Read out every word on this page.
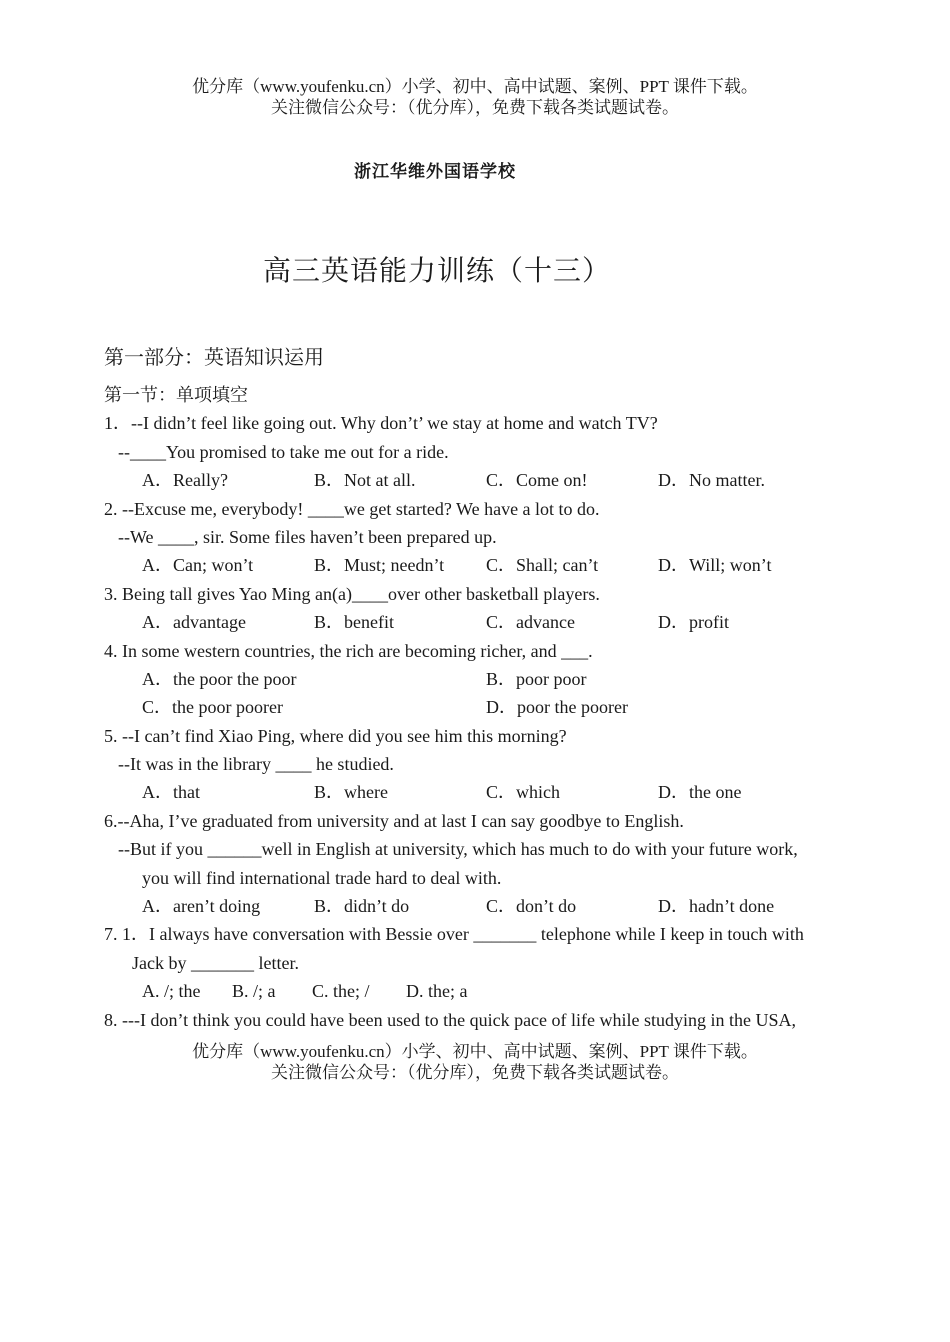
优分库（www.youfenku.cn）小学、初中、高中试题、案例、PPT 课件下载。
关注微信公众号：（优分库），免费下载各类试题试卷。
浙江华维外国语学校
高三英语能力训练（十三）
第一部分：英语知识运用
第一节：单项填空
1．--I didn’t feel like going out. Why don’t’ we stay at home and watch TV?
--____You promised to take me out for a ride.
A．Really?	B．Not at all.	C．Come on!	D．No matter.
2. --Excuse me, everybody! ____we get started? We have a lot to do.
--We ____, sir. Some files haven’t been prepared up.
A．Can; won’t	B．Must; needn’t C．Shall; can’t	D．Will; won’t
3. Being tall gives Yao Ming an(a)____over other basketball players.
A．advantage	B．benefit	C．advance	D．profit
4. In some western countries, the rich are becoming richer, and ___.
A．the poor the poor	B．poor poor
C．the poor poorer	D．poor the poorer
5. --I can’t find Xiao Ping, where did you see him this morning?
--It was in the library ____ he studied.
A．that	B．where	C．which	D．the one
6.--Aha, I’ve graduated from university and at last I can say goodbye to English.
--But if you ______well in English at university, which has much to do with your future work,
you will find international trade hard to deal with.
A．aren’t doing	B．didn’t do	C．don’t do	D．hadn’t done
7. 1．I always have conversation with Bessie over _______ telephone while I keep in touch with
Jack by _______ letter.
A. /; the B. /; a C. the; / D. the; a
8. ---I don’t think you could have been used to the quick pace of life while studying in the USA,
优分库（www.youfenku.cn）小学、初中、高中试题、案例、PPT 课件下载。
关注微信公众号：（优分库），免费下载各类试题试卷。
